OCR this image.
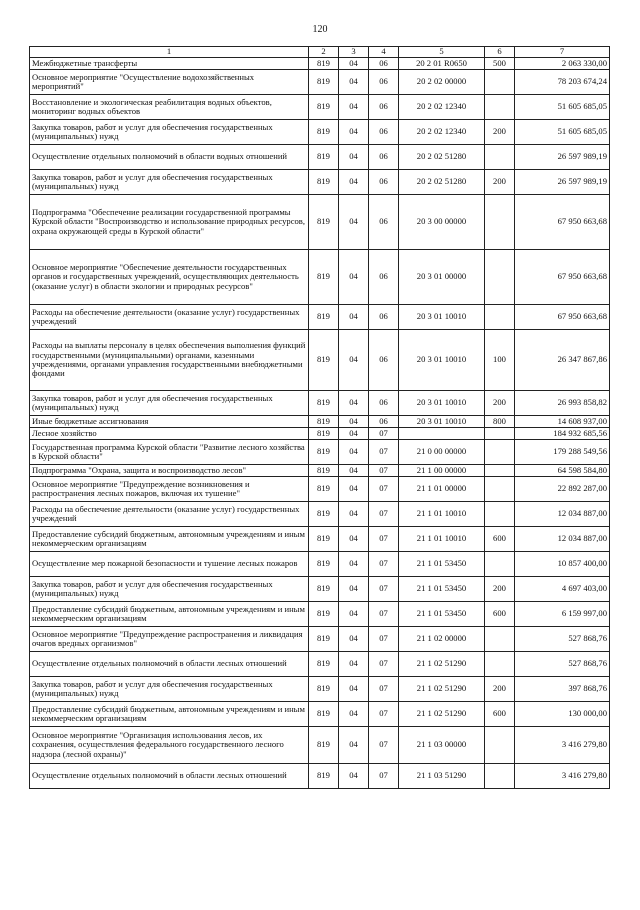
120
1	2	3	4	5	6	7
Межбюджетные трансферты	819	04	06	20 2 01 R0650	500	2 063 330,00
Основное мероприятие "Осуществление водохозяйственных мероприятий"	819	04	06	20 2 02 00000		78 203 674,24
Восстановление и экологическая реабилитация водных объектов, мониторинг водных объектов	819	04	06	20 2 02 12340		51 605 685,05
Закупка товаров, работ и услуг для обеспечения государственных (муниципальных) нужд	819	04	06	20 2 02 12340	200	51 605 685,05
Осуществление отдельных полномочий в области водных отношений	819	04	06	20 2 02 51280		26 597 989,19
Закупка товаров, работ и услуг для обеспечения государственных (муниципальных) нужд	819	04	06	20 2 02 51280	200	26 597 989,19
Подпрограмма "Обеспечение реализации государственной программы Курской области "Воспроизводство и использование природных ресурсов, охрана окружающей среды в Курской области"	819	04	06	20 3 00 00000		67 950 663,68
Основное мероприятие "Обеспечение деятельности государственных органов и государственных учреждений, осуществляющих деятельность (оказание услуг) в области экологии и природных ресурсов"	819	04	06	20 3 01 00000		67 950 663,68
Расходы на обеспечение деятельности (оказание услуг) государственных учреждений	819	04	06	20 3 01 10010		67 950 663,68
Расходы на выплаты персоналу в целях обеспечения выполнения функций государственными (муниципальными) органами, казенными учреждениями, органами управления государственными внебюджетными фондами	819	04	06	20 3 01 10010	100	26 347 867,86
Закупка товаров, работ и услуг для обеспечения государственных (муниципальных) нужд	819	04	06	20 3 01 10010	200	26 993 858,82
Иные бюджетные ассигнования	819	04	06	20 3 01 10010	800	14 608 937,00
Лесное хозяйство	819	04	07			184 932 685,56
Государственная программа Курской области "Развитие лесного хозяйства в Курской области"	819	04	07	21 0 00 00000		179 288 549,56
Подпрограмма "Охрана, защита и воспроизводство лесов"	819	04	07	21 1 00 00000		64 598 584,80
Основное мероприятие "Предупреждение возникновения и распространения лесных пожаров, включая их тушение"	819	04	07	21 1 01 00000		22 892 287,00
Расходы на обеспечение деятельности (оказание услуг) государственных учреждений	819	04	07	21 1 01 10010		12 034 887,00
Предоставление субсидий бюджетным, автономным учреждениям и иным некоммерческим организациям	819	04	07	21 1 01 10010	600	12 034 887,00
Осуществление мер пожарной безопасности и тушение лесных пожаров	819	04	07	21 1 01 53450		10 857 400,00
Закупка товаров, работ и услуг для обеспечения государственных (муниципальных) нужд	819	04	07	21 1 01 53450	200	4 697 403,00
Предоставление субсидий бюджетным, автономным учреждениям и иным некоммерческим организациям	819	04	07	21 1 01 53450	600	6 159 997,00
Основное мероприятие "Предупреждение распространения и ликвидация очагов вредных организмов"	819	04	07	21 1 02 00000		527 868,76
Осуществление отдельных полномочий в области лесных отношений	819	04	07	21 1 02 51290		527 868,76
Закупка товаров, работ и услуг для обеспечения государственных (муниципальных) нужд	819	04	07	21 1 02 51290	200	397 868,76
Предоставление субсидий бюджетным, автономным учреждениям и иным некоммерческим организациям	819	04	07	21 1 02 51290	600	130 000,00
Основное мероприятие "Организация использования лесов, их сохранения, осуществления федерального государственного лесного надзора (лесной охраны)"	819	04	07	21 1 03 00000		3 416 279,80
Осуществление отдельных полномочий в области лесных отношений	819	04	07	21 1 03 51290		3 416 279,80
